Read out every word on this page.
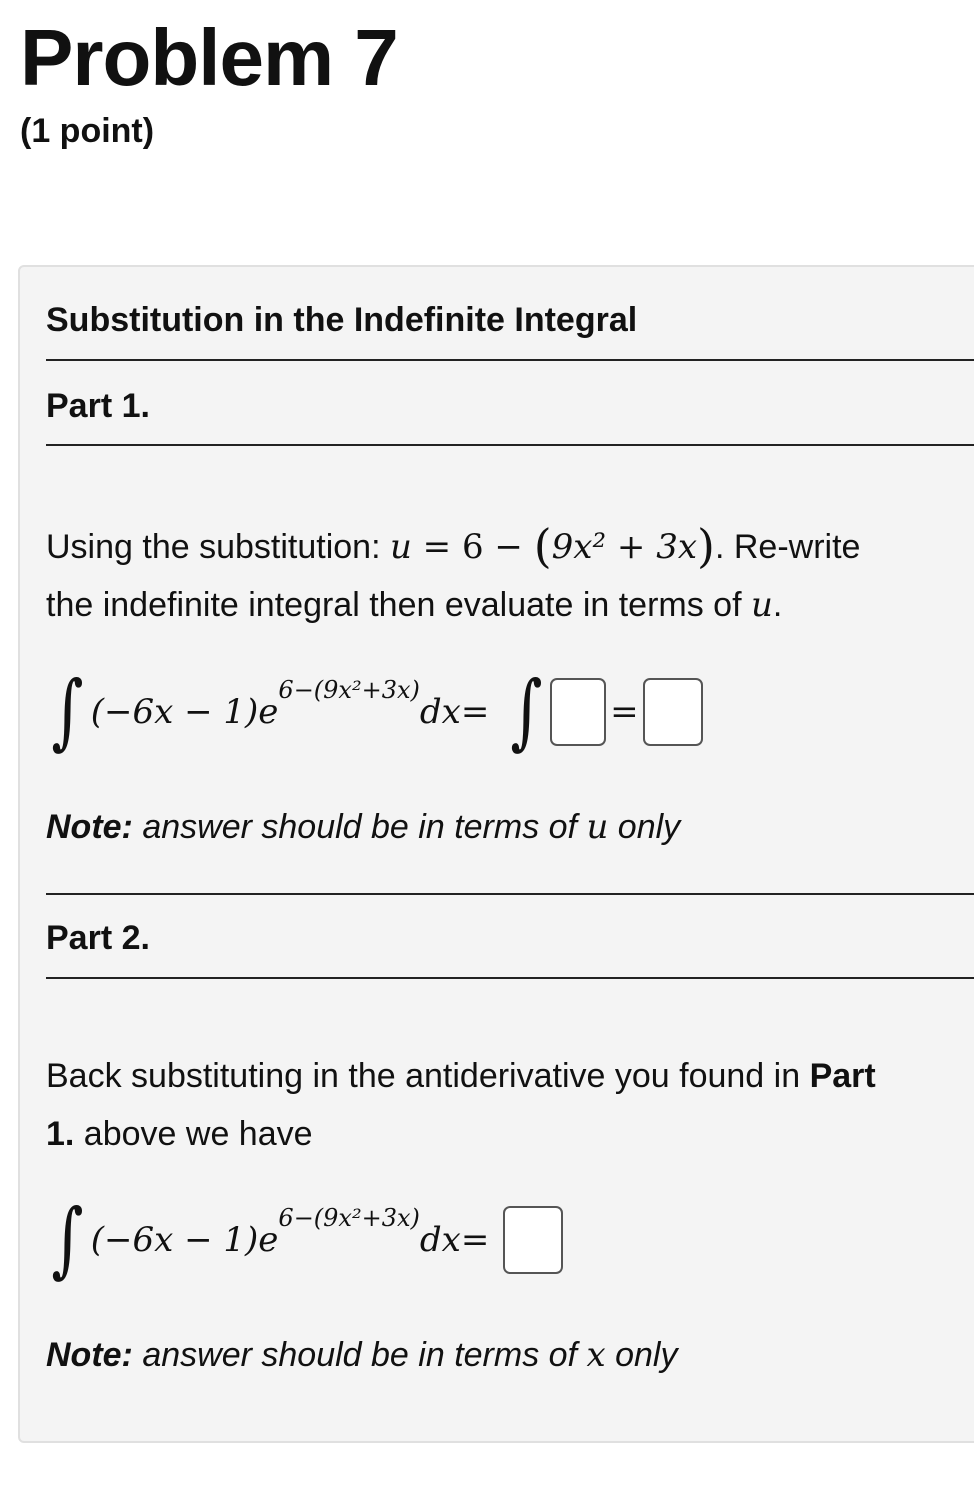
Problem 7
(1 point)
Substitution in the Indefinite Integral
Part 1.
Using the substitution: u = 6 − (9x² + 3x). Re-write
the indefinite integral then evaluate in terms of u.
∫ (−6x − 1)e
6−(9x²+3x)
dx = ∫ =
Note: answer should be in terms of u only
Part 2.
Back substituting in the antiderivative you found in Part
1. above we have
∫ (−6x − 1)e
6−(9x²+3x)
dx =
Note: answer should be in terms of x only
